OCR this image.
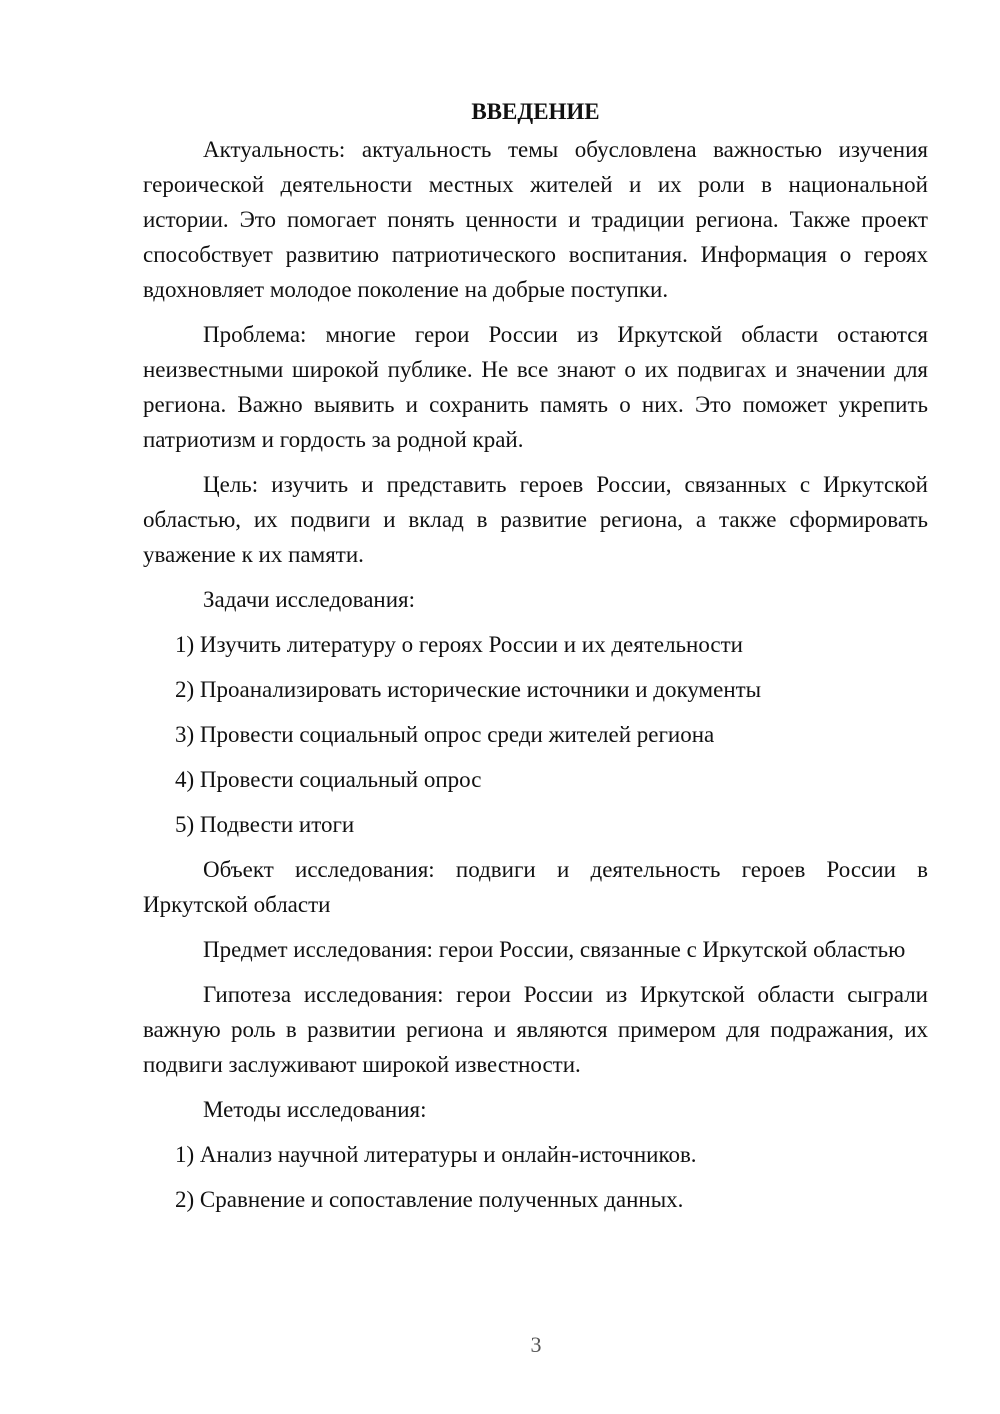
ВВЕДЕНИЕ

Актуальность: актуальность темы обусловлена важностью изучения героической деятельности местных жителей и их роли в национальной истории. Это помогает понять ценности и традиции региона. Также проект способствует развитию патриотического воспитания. Информация о героях вдохновляет молодое поколение на добрые поступки.

Проблема: многие герои России из Иркутской области остаются неизвестными широкой публике. Не все знают о их подвигах и значении для региона. Важно выявить и сохранить память о них. Это поможет укрепить патриотизм и гордость за родной край.

Цель: изучить и представить героев России, связанных с Иркутской областью, их подвиги и вклад в развитие региона, а также сформировать уважение к их памяти.

Задачи исследования:

1) Изучить литературу о героях России и их деятельности
2) Проанализировать исторические источники и документы
3) Провести социальный опрос среди жителей региона
4) Провести социальный опрос
5) Подвести итоги

Объект исследования: подвиги и деятельность героев России в Иркутской области

Предмет исследования: герои России, связанные с Иркутской областью

Гипотеза исследования: герои России из Иркутской области сыграли важную роль в развитии региона и являются примером для подражания, их подвиги заслуживают широкой известности.

Методы исследования:

1) Анализ научной литературы и онлайн-источников.
2) Сравнение и сопоставление полученных данных.
3
